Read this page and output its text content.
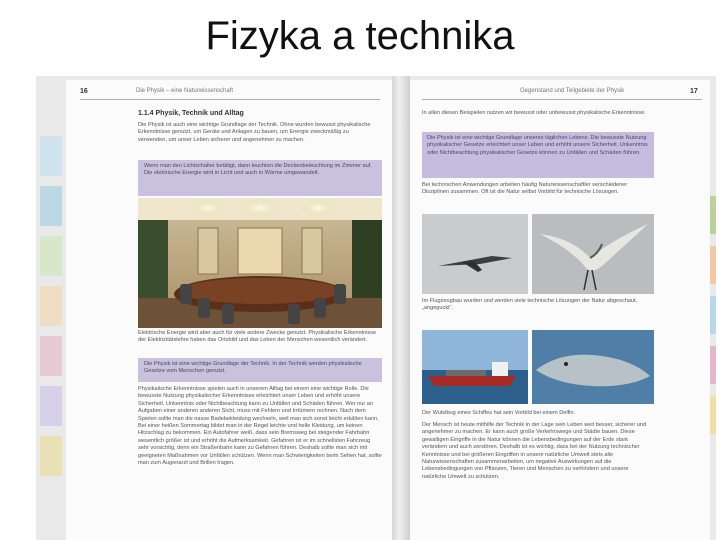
Fizyka a technika
16	Die Physik – eine Naturwissenschaft
1.1.4 Physik, Technik und Alltag
Die Physik ist auch eine wichtige Grundlage der Technik. Ohne wurden bewusst physikalische Erkenntnisse genutzt, um Geräte und Anlagen zu bauen, um Energie zweckmäßig zu verwenden, um unser Leben sicherer und angenehmer zu machen.
Wenn man den Lichtschalter betätigt, dann leuchten die Deckenbeleuchtung im Zimmer auf. Die elektrische Energie wird in Licht und auch in Wärme umgewandelt.
Elektrische Energie wird aber auch für viele andere Zwecke genutzt. Physikalische Erkenntnisse der Elektrizitätslehre haben das Ortsbild und das Leben der Menschen wesentlich verändert.
Die Physik ist eine wichtige Grundlage der Technik. In der Technik werden physikalische Gesetze vom Menschen genutzt.
Physikalische Erkenntnisse spielen auch in unserem Alltag bei einem eine wichtige Rolle. Die bewusste Nutzung physikalischer Erkenntnisse erleichtert unser Leben und erhöht unsere Sicherheit. Unkenntnis oder Nichtbeachtung kann zu Unfällen und Schäden führen. Wer nur an Aufgaben einer anderen anderen Sicht, muss mit Fehlern und Irrtümern rechnen. Nach dem Spielen sollte man die nasse Badebekleidung wechseln, weil man sich sonst leicht erkälten kann. Bei einer heißen Sommertag bildet man in der Regel leichte und helle Kleidung, um keinen Hitzschlag zu bekommen. Ein Autofahrer weiß, dass sein Bremsweg bei steigender Fahrbahn wesentlich größer ist und erhöht die Aufmerksamkeit. Gefahren ist er im schnellsten Fahrzeug sehr vorsichtig, denn ein Straßenbahn kann zu Gefahren führen. Deshalb sollte man sich mit geeigneten Maßnahmen vor Unfällen schützen. Wenn man Schwierigkeiten beim Sehen hat, sollte man zum Augenarzt und Brillen tragen.
Gegenstand und Teilgebiete der Physik	17
In allen diesen Beispielen nutzen wir bewusst oder unbewusst physikalische Erkenntnisse.
Die Physik ist eine wichtige Grundlage unseres täglichen Lebens. Die bewusste Nutzung physikalischer Gesetze erleichtert unser Leben und erhöht unsere Sicherheit. Unkenntnis oder Nichtbeachtung physikalischer Gesetze können zu Unfällen und Schäden führen.
Bei technischen Anwendungen arbeiten häufig Naturwissenschaftler verschiedener Disziplinen zusammen. Oft ist die Natur selbst Vorbild für technische Lösungen.
Im Flugzeugbau wurden und werden viele technische Lösungen der Natur abgeschaut, „angeguckt“.
Der Wulstbug eines Schiffes hat sein Vorbild bei einem Delfin.
Der Mensch ist heute mithilfe der Technik in der Lage sein Leben weit besser, sicherer und angenehmer zu machen. Er kann auch große Verkehrswege und Städte bauen. Diese gewaltigen Eingriffe in die Natur können die Lebensbedingungen auf der Erde stark verändern und auch zerstören. Deshalb ist es wichtig, dass bei der Nutzung technischer Kenntnisse und bei größeren Eingriffen in unsere natürliche Umwelt stets alle Naturwissenschaften zusammenarbeiten, um negative Auswirkungen auf die Lebensbedingungen von Pflanzen, Tieren und Menschen zu verhindern und unsere natürliche Umwelt zu schützen.
